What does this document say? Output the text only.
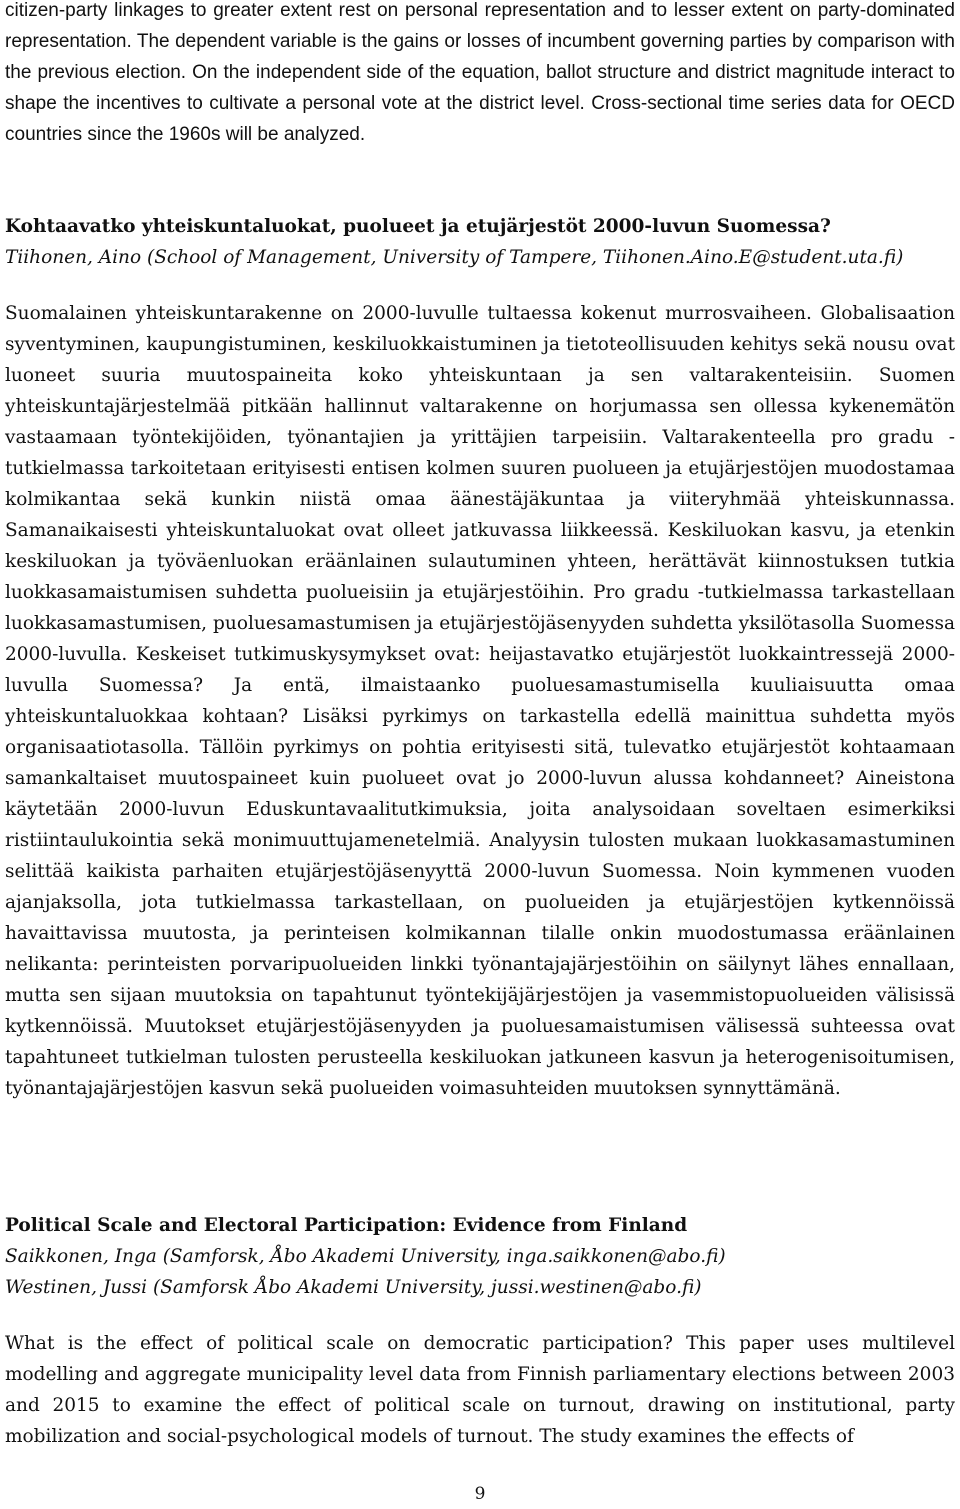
citizen-party linkages to greater extent rest on personal representation and to lesser extent on party-dominated representation. The dependent variable is the gains or losses of incumbent governing parties by comparison with the previous election. On the independent side of the equation, ballot structure and district magnitude interact to shape the incentives to cultivate a personal vote at the district level. Cross-sectional time series data for OECD countries since the 1960s will be analyzed.

Kohtaavatko yhteiskuntaluokat, puolueet ja etujärjestöt 2000-luvun Suomessa?

Tiihonen, Aino (School of Management, University of Tampere, Tiihonen.Aino.E@student.uta.fi)

Suomalainen yhteiskuntarakenne on 2000-luvulle tultaessa kokenut murrosvaiheen. Globalisaation syventyminen, kaupungistuminen, keskiluokkaistuminen ja tietoteollisuuden kehitys sekä nousu ovat luoneet suuria muutospaineita koko yhteiskuntaan ja sen valtarakenteisiin. Suomen yhteiskuntajärjestelmää pitkään hallinnut valtarakenne on horjumassa sen ollessa kykenemätön vastaamaan työntekijöiden, työnantajien ja yrittäjien tarpeisiin. Valtarakenteella pro gradu -tutkielmassa tarkoitetaan erityisesti entisen kolmen suuren puolueen ja etujärjestöjen muodostamaa kolmikantaa sekä kunkin niistä omaa äänestäjäkuntaa ja viiteryhmää yhteiskunnassa. Samanaikaisesti yhteiskuntaluokat ovat olleet jatkuvassa liikkeessä. Keskiluokan kasvu, ja etenkin keskiluokan ja työväenluokan eräänlainen sulautuminen yhteen, herättävät kiinnostuksen tutkia luokkasamaistumisen suhdetta puolueisiin ja etujärjestöihin. Pro gradu -tutkielmassa tarkastellaan luokkasamastumisen, puoluesamastumisen ja etujärjestöjäsenyyden suhdetta yksilötasolla Suomessa 2000-luvulla. Keskeiset tutkimuskysymykset ovat: heijastavatko etujärjestöt luokkaintressejä 2000-luvulla Suomessa? Ja entä, ilmaistaanko puoluesamastumisella kuuliaisuutta omaa yhteiskuntaluokkaa kohtaan? Lisäksi pyrkimys on tarkastella edellä mainittua suhdetta myös organisaatiotasolla. Tällöin pyrkimys on pohtia erityisesti sitä, tulevatko etujärjestöt kohtaamaan samankaltaiset muutospaineet kuin puolueet ovat jo 2000-luvun alussa kohdanneet? Aineistona käytetään 2000-luvun Eduskuntavaalitutkimuksia, joita analysoidaan soveltaen esimerkiksi ristiintaulukointia sekä monimuuttujamenetelmiä. Analyysin tulosten mukaan luokkasamastuminen selittää kaikista parhaiten etujärjestöjäsenyyttä 2000-luvun Suomessa. Noin kymmenen vuoden ajanjaksolla, jota tutkielmassa tarkastellaan, on puolueiden ja etujärjestöjen kytkennöissä havaittavissa muutosta, ja perinteisen kolmikannan tilalle onkin muodostumassa eräänlainen nelikanta: perinteisten porvaripuolueiden linkki työnantajajärjestöihin on säilynyt lähes ennallaan, mutta sen sijaan muutoksia on tapahtunut työntekijäjärjestöjen ja vasemmistopuolueiden välisissä kytkennöissä. Muutokset etujärjestöjäsenyyden ja puoluesamaistumisen välisessä suhteessa ovat tapahtuneet tutkielman tulosten perusteella keskiluokan jatkuneen kasvun ja heterogenisoitumisen, työnantajajärjestöjen kasvun sekä puolueiden voimasuhteiden muutoksen synnyttämänä.

Political Scale and Electoral Participation: Evidence from Finland

Saikkonen, Inga (Samforsk, Åbo Akademi University, inga.saikkonen@abo.fi)

Westinen, Jussi (Samforsk Åbo Akademi University, jussi.westinen@abo.fi)

What is the effect of political scale on democratic participation? This paper uses multilevel modelling and aggregate municipality level data from Finnish parliamentary elections between 2003 and 2015 to examine the effect of political scale on turnout, drawing on institutional, party mobilization and social-psychological models of turnout. The study examines the effects of

9
